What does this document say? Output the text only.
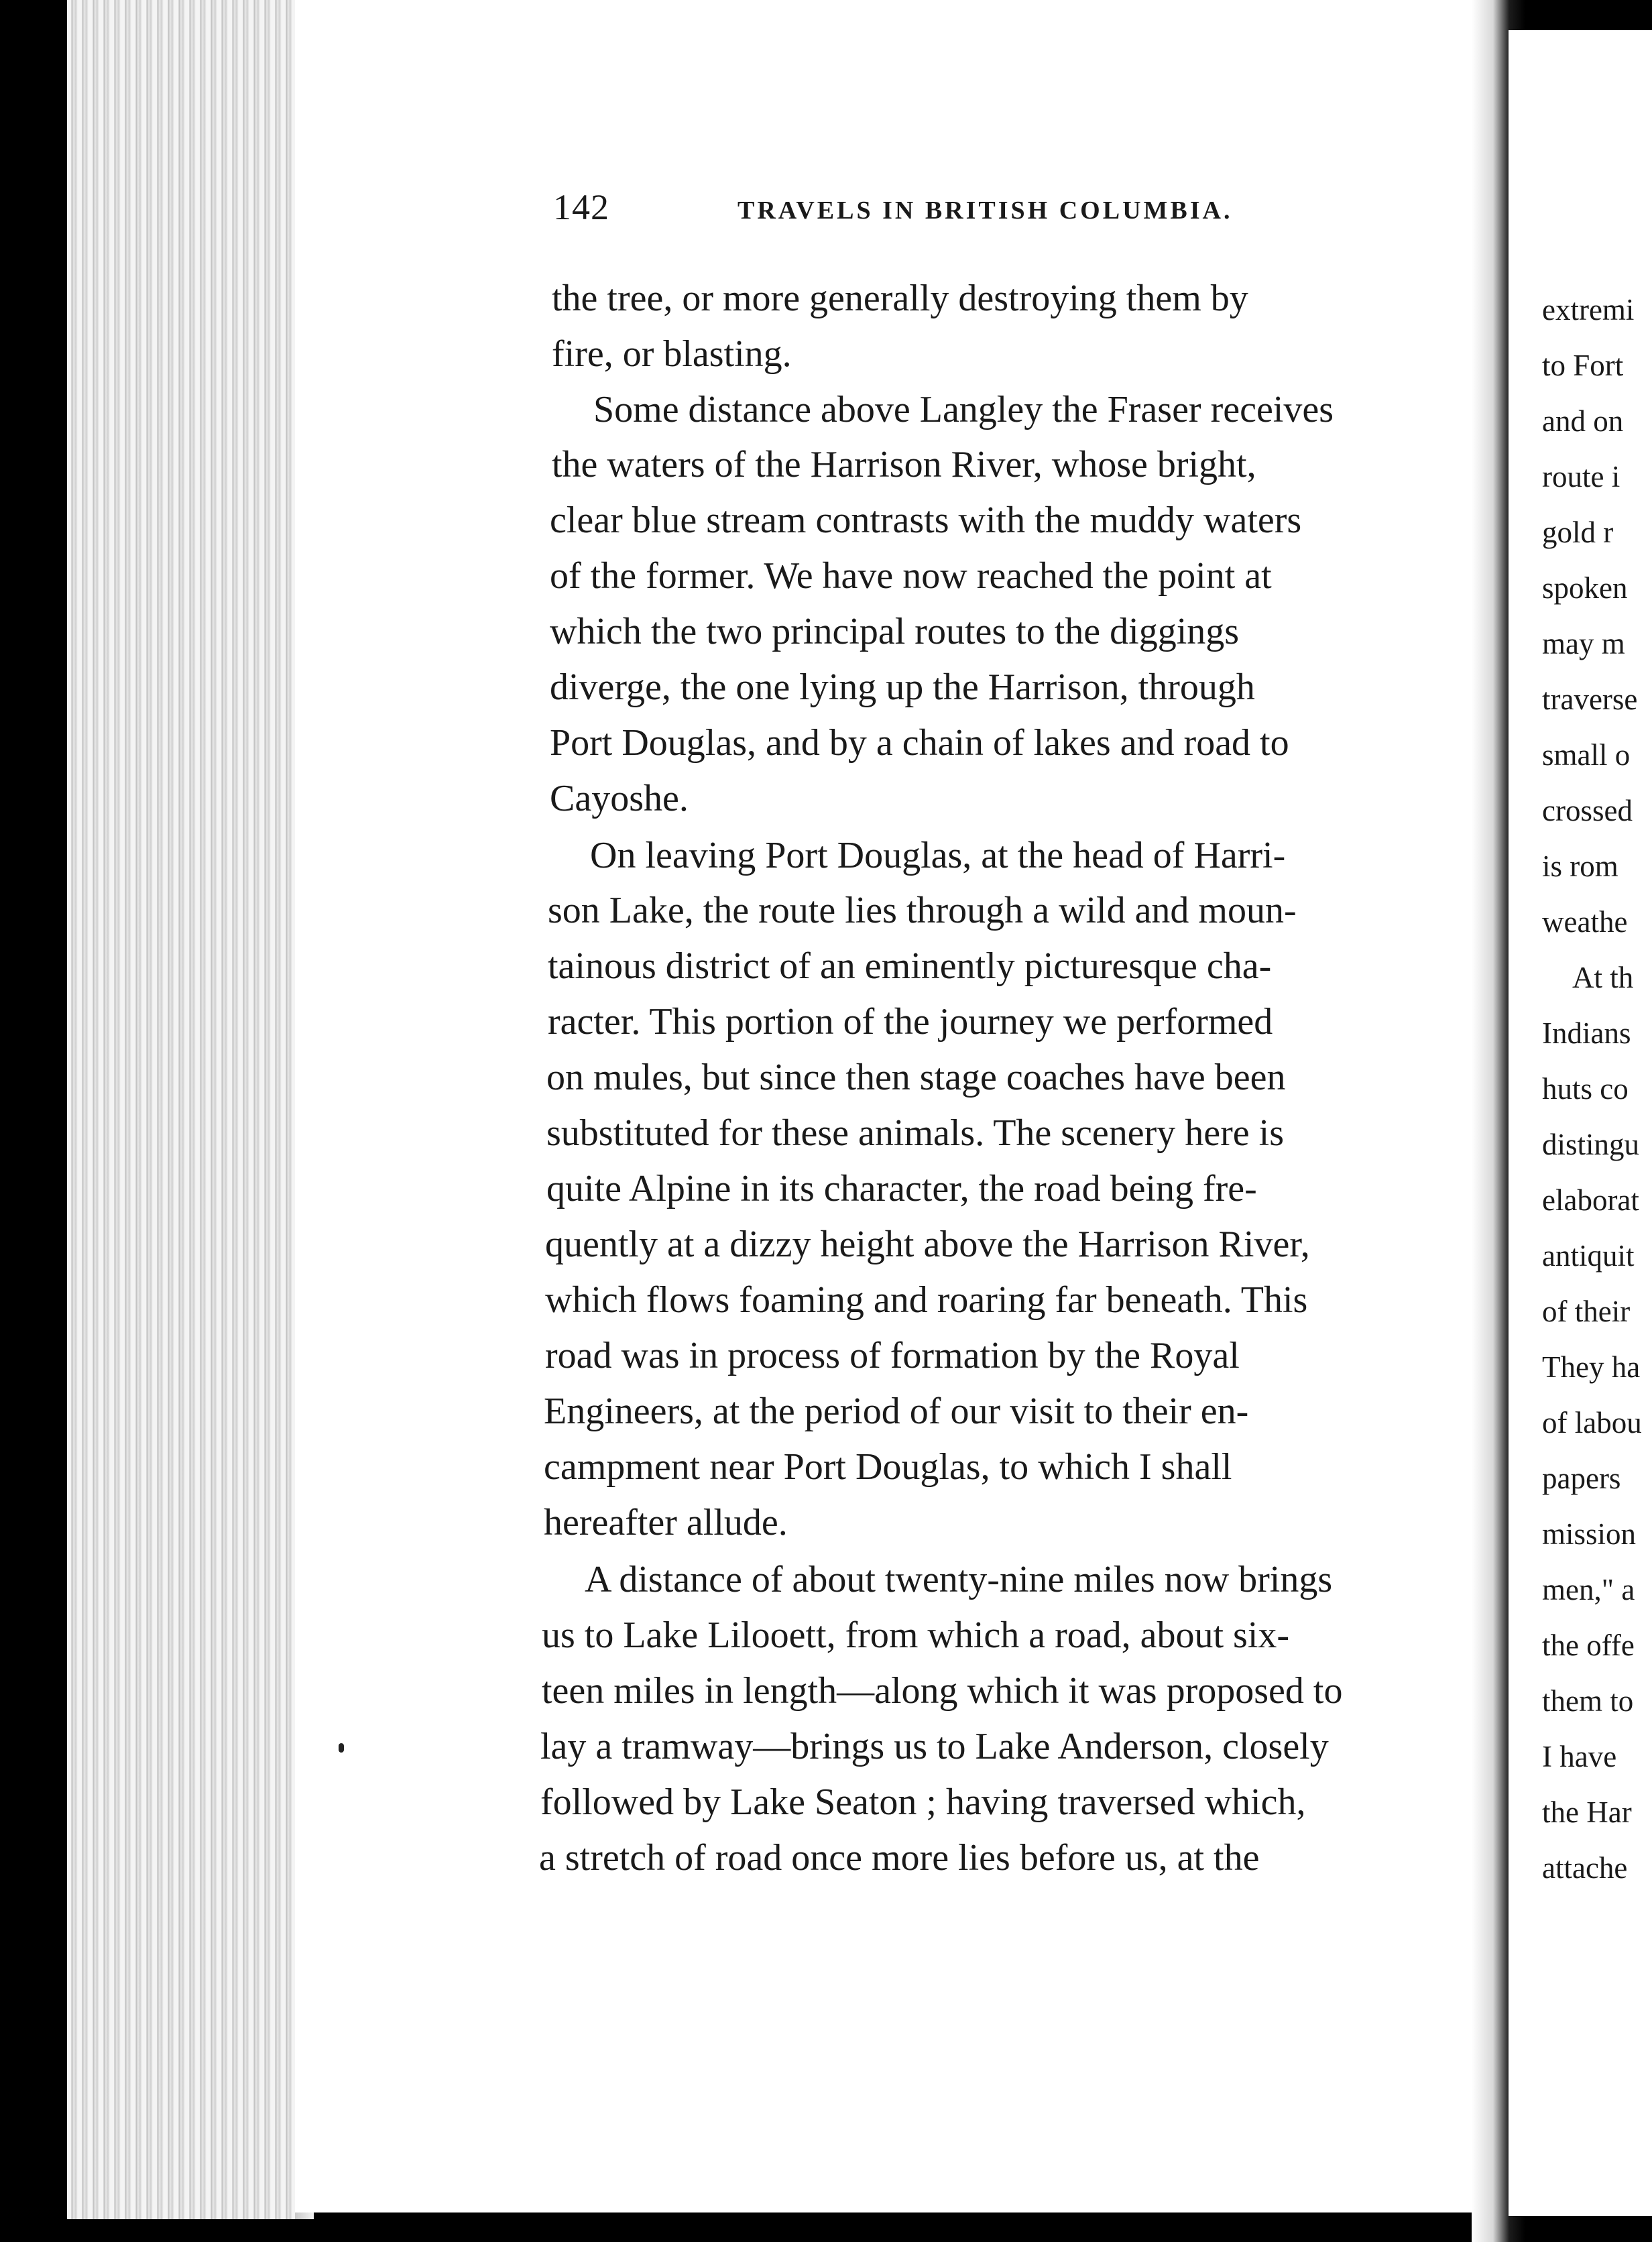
142	TRAVELS IN BRITISH COLUMBIA.
the tree, or more generally destroying them by
fire, or blasting.
Some distance above Langley the Fraser receives
the waters of the Harrison River, whose bright,
clear blue stream contrasts with the muddy waters
of the former. We have now reached the point at
which the two principal routes to the diggings
diverge, the one lying up the Harrison, through
Port Douglas, and by a chain of lakes and road to
Cayoshe.
On leaving Port Douglas, at the head of Harri-
son Lake, the route lies through a wild and moun-
tainous district of an eminently picturesque cha-
racter. This portion of the journey we performed
on mules, but since then stage coaches have been
substituted for these animals. The scenery here is
quite Alpine in its character, the road being fre-
quently at a dizzy height above the Harrison River,
which flows foaming and roaring far beneath. This
road was in process of formation by the Royal
Engineers, at the period of our visit to their en-
campment near Port Douglas, to which I shall
hereafter allude.
A distance of about twenty-nine miles now brings
us to Lake Lilooett, from which a road, about six-
teen miles in length—along which it was proposed to
lay a tramway—brings us to Lake Anderson, closely
followed by Lake Seaton ; having traversed which,
a stretch of road once more lies before us, at the
extremi
to Fort
and on
route i
gold r
spoken
may m
traverse
small o
crossed
is rom
weathe
At th
Indians
huts co
distingu
elaborat
antiquit
of their
They ha
of labou
papers
mission
men," a
the offe
them to
I have
the Har
attache
